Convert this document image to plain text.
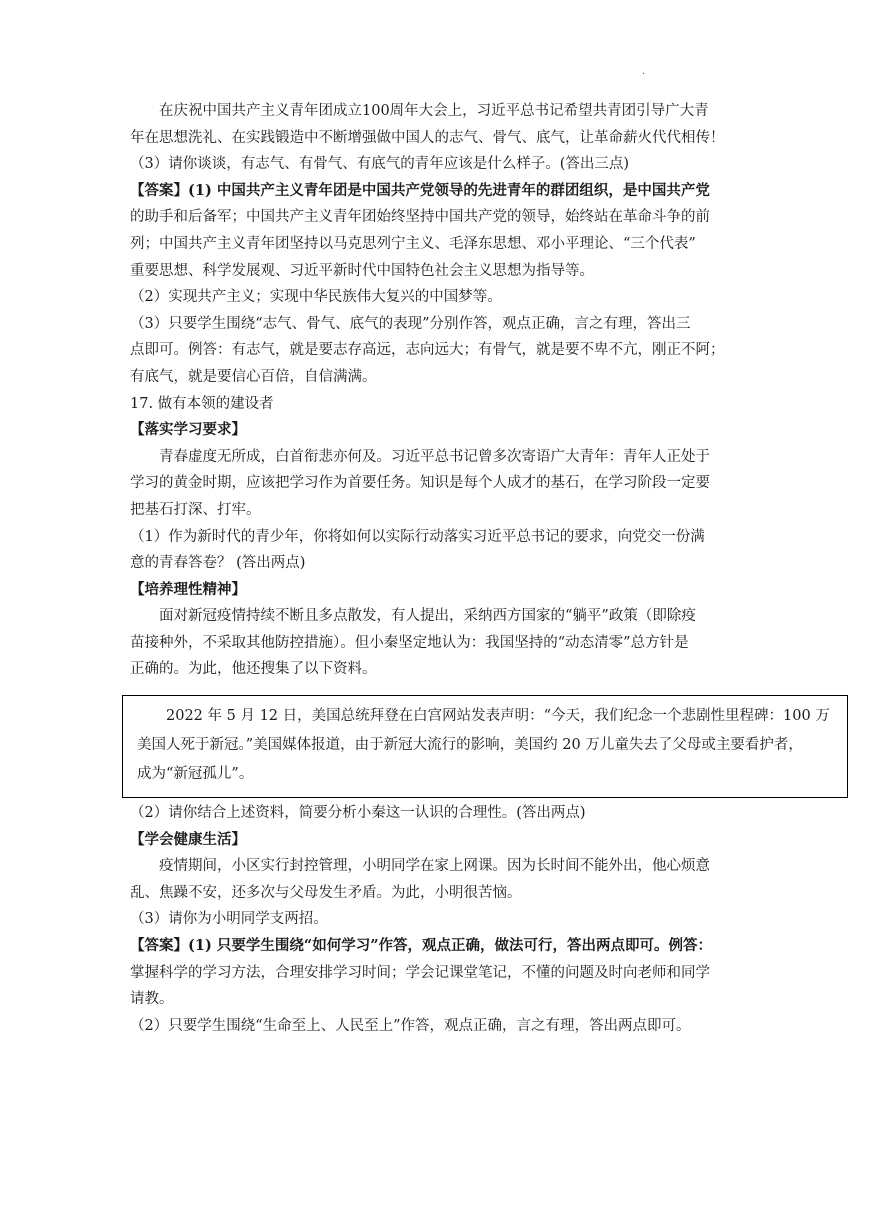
·

在庆祝中国共产主义青年团成立100周年大会上，习近平总书记希望共青团引导广大青

年在思想洗礼、在实践锻造中不断增强做中国人的志气、骨气、底气，让革命薪火代代相传！

（3）请你谈谈，有志气、有骨气、有底气的青年应该是什么样子。(答出三点)

【答案】(1) 中国共产主义青年团是中国共产党领导的先进青年的群团组织，是中国共产党

的助手和后备军；中国共产主义青年团始终坚持中国共产党的领导，始终站在革命斗争的前

列；中国共产主义青年团坚持以马克思列宁主义、毛泽东思想、邓小平理论、“三个代表”

重要思想、科学发展观、习近平新时代中国特色社会主义思想为指导等。

（2）实现共产主义；实现中华民族伟大复兴的中国梦等。

（3）只要学生围绕“志气、骨气、底气的表现”分别作答，观点正确，言之有理，答出三

点即可。例答：有志气，就是要志存高远，志向远大；有骨气，就是要不卑不亢，刚正不阿；

有底气，就是要信心百倍，自信满满。

17. 做有本领的建设者

【落实学习要求】

青春虚度无所成，白首衔悲亦何及。习近平总书记曾多次寄语广大青年：青年人正处于

学习的黄金时期，应该把学习作为首要任务。知识是每个人成才的基石，在学习阶段一定要

把基石打深、打牢。

（1）作为新时代的青少年，你将如何以实际行动落实习近平总书记的要求，向党交一份满

意的青春答卷？ (答出两点)

【培养理性精神】

面对新冠疫情持续不断且多点散发，有人提出，采纳西方国家的“躺平”政策（即除疫

苗接种外，不采取其他防控措施）。但小秦坚定地认为：我国坚持的“动态清零”总方针是

正确的。为此，他还搜集了以下资料。

2022 年 5 月 12 日，美国总统拜登在白宫网站发表声明：“今天，我们纪念一个悲剧性里程碑：100 万

美国人死于新冠。”美国媒体报道，由于新冠大流行的影响，美国约 20 万儿童失去了父母或主要看护者，

成为“新冠孤儿”。

（2）请你结合上述资料，简要分析小秦这一认识的合理性。(答出两点)

【学会健康生活】

疫情期间，小区实行封控管理，小明同学在家上网课。因为长时间不能外出，他心烦意

乱、焦躁不安，还多次与父母发生矛盾。为此，小明很苦恼。

（3）请你为小明同学支两招。

【答案】(1) 只要学生围绕“如何学习”作答，观点正确，做法可行，答出两点即可。例答：

掌握科学的学习方法，合理安排学习时间；学会记课堂笔记，不懂的问题及时向老师和同学

请教。

（2）只要学生围绕“生命至上、人民至上”作答，观点正确，言之有理，答出两点即可。
